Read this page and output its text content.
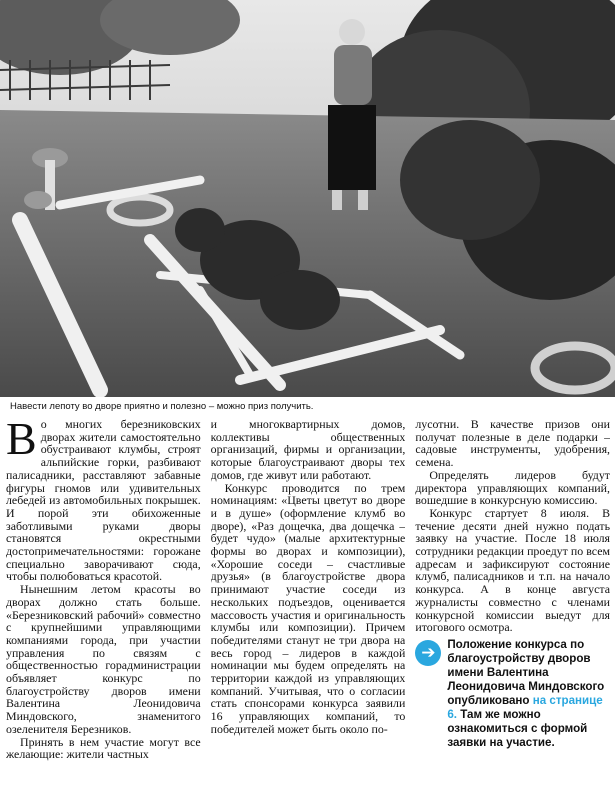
Навести лепоту во дворе приятно и полезно – можно приз получить.

Во многих березниковских дворах жители самостоятельно обустраивают клумбы, строят альпийские горки, разбивают палисадники, расставляют забавные фигуры гномов или удивительных лебедей из автомобильных покрышек. И порой эти обихоженные заботливыми руками дворы становятся окрестными достопримечательностями: горожане специально заворачивают сюда, чтобы полюбоваться красотой.

Нынешним летом красоты во дворах должно стать больше. «Березниковский рабочий» совместно с крупнейшими управляющими компаниями города, при участии управления по связям с общественностью горадминистрации объявляет конкурс по благоустройству дворов имени Валентина Леонидовича Миндовского, знаменитого озеленителя Березников.

Принять в нем участие могут все желающие: жители частных

и многоквартирных домов, коллективы общественных организаций, фирмы и организации, которые благоустраивают дворы тех домов, где живут или работают.

Конкурс проводится по трем номинациям: «Цветы цветут во дворе и в душе» (оформление клумб во дворе), «Раз дощечка, два дощечка – будет чудо» (малые архитектурные формы во дворах и композиции), «Хорошие соседи – счастливые друзья» (в благоустройстве двора принимают участие соседи из нескольких подъездов, оценивается массовость участия и оригинальность клумбы или композиции). Причем победителями станут не три двора на весь город – лидеров в каждой номинации мы будем определять на территории каждой из управляющих компаний. Учитывая, что о согласии стать спонсорами конкурса заявили 16 управляющих компаний, то победителей может быть около по-

лусотни. В качестве призов они получат полезные в деле подарки – садовые инструменты, удобрения, семена.

Определять лидеров будут директора управляющих компаний, вошедшие в конкурсную комиссию.

Конкурс стартует 8 июля. В течение десяти дней нужно подать заявку на участие. После 18 июля сотрудники редакции проедут по всем адресам и зафиксируют состояние клумб, палисадников и т.п. на начало конкурса. А в конце августа журналисты совместно с членами конкурсной комиссии выедут для итогового осмотра.

➔	Положение конкурса по благоустройству дворов имени Валентина Леонидовича Миндовского опубликовано на странице 6. Там же можно ознакомиться с формой заявки на участие.
